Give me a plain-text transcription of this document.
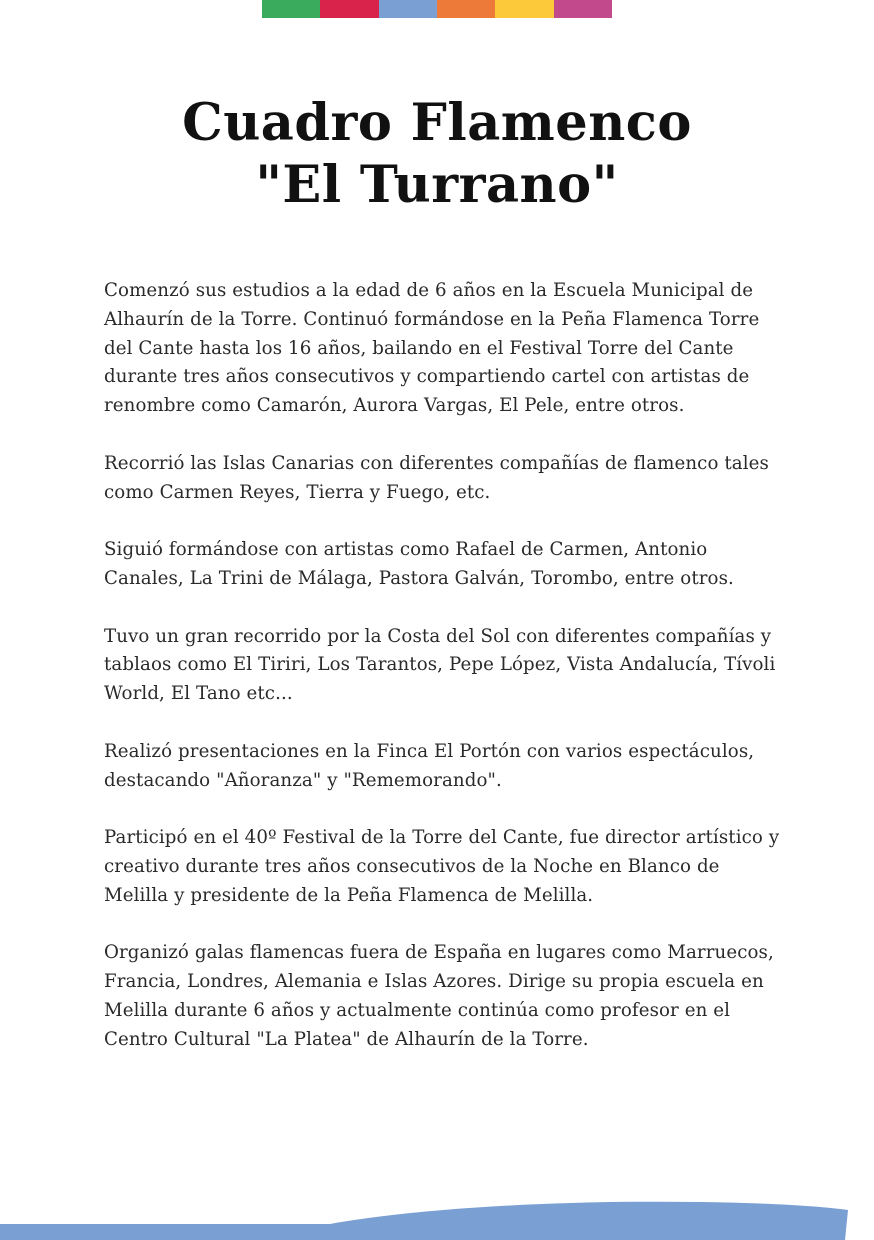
Cuadro Flamenco
"El Turrano"

Comenzó sus estudios a la edad de 6 años en la Escuela Municipal de Alhaurín de la Torre. Continuó formándose en la Peña Flamenca Torre del Cante hasta los 16 años, bailando en el Festival Torre del Cante durante tres años consecutivos y compartiendo cartel con artistas de renombre como Camarón, Aurora Vargas, El Pele, entre otros.

Recorrió las Islas Canarias con diferentes compañías de flamenco tales como Carmen Reyes, Tierra y Fuego, etc.

Siguió formándose con artistas como Rafael de Carmen, Antonio Canales, La Trini de Málaga, Pastora Galván, Torombo, entre otros.

Tuvo un gran recorrido por la Costa del Sol con diferentes compañías y tablaos como El Tiriri, Los Tarantos, Pepe López, Vista Andalucía, Tívoli World, El Tano etc...

Realizó presentaciones en la Finca El Portón con varios espectáculos, destacando "Añoranza" y "Rememorando".

Participó en el 40º Festival de la Torre del Cante, fue director artístico y creativo durante tres años consecutivos de la Noche en Blanco de Melilla y presidente de la Peña Flamenca de Melilla.

Organizó galas flamencas fuera de España en lugares como Marruecos, Francia, Londres, Alemania e Islas Azores. Dirige su propia escuela en Melilla durante 6 años y actualmente continúa como profesor en el Centro Cultural "La Platea" de Alhaurín de la Torre.
